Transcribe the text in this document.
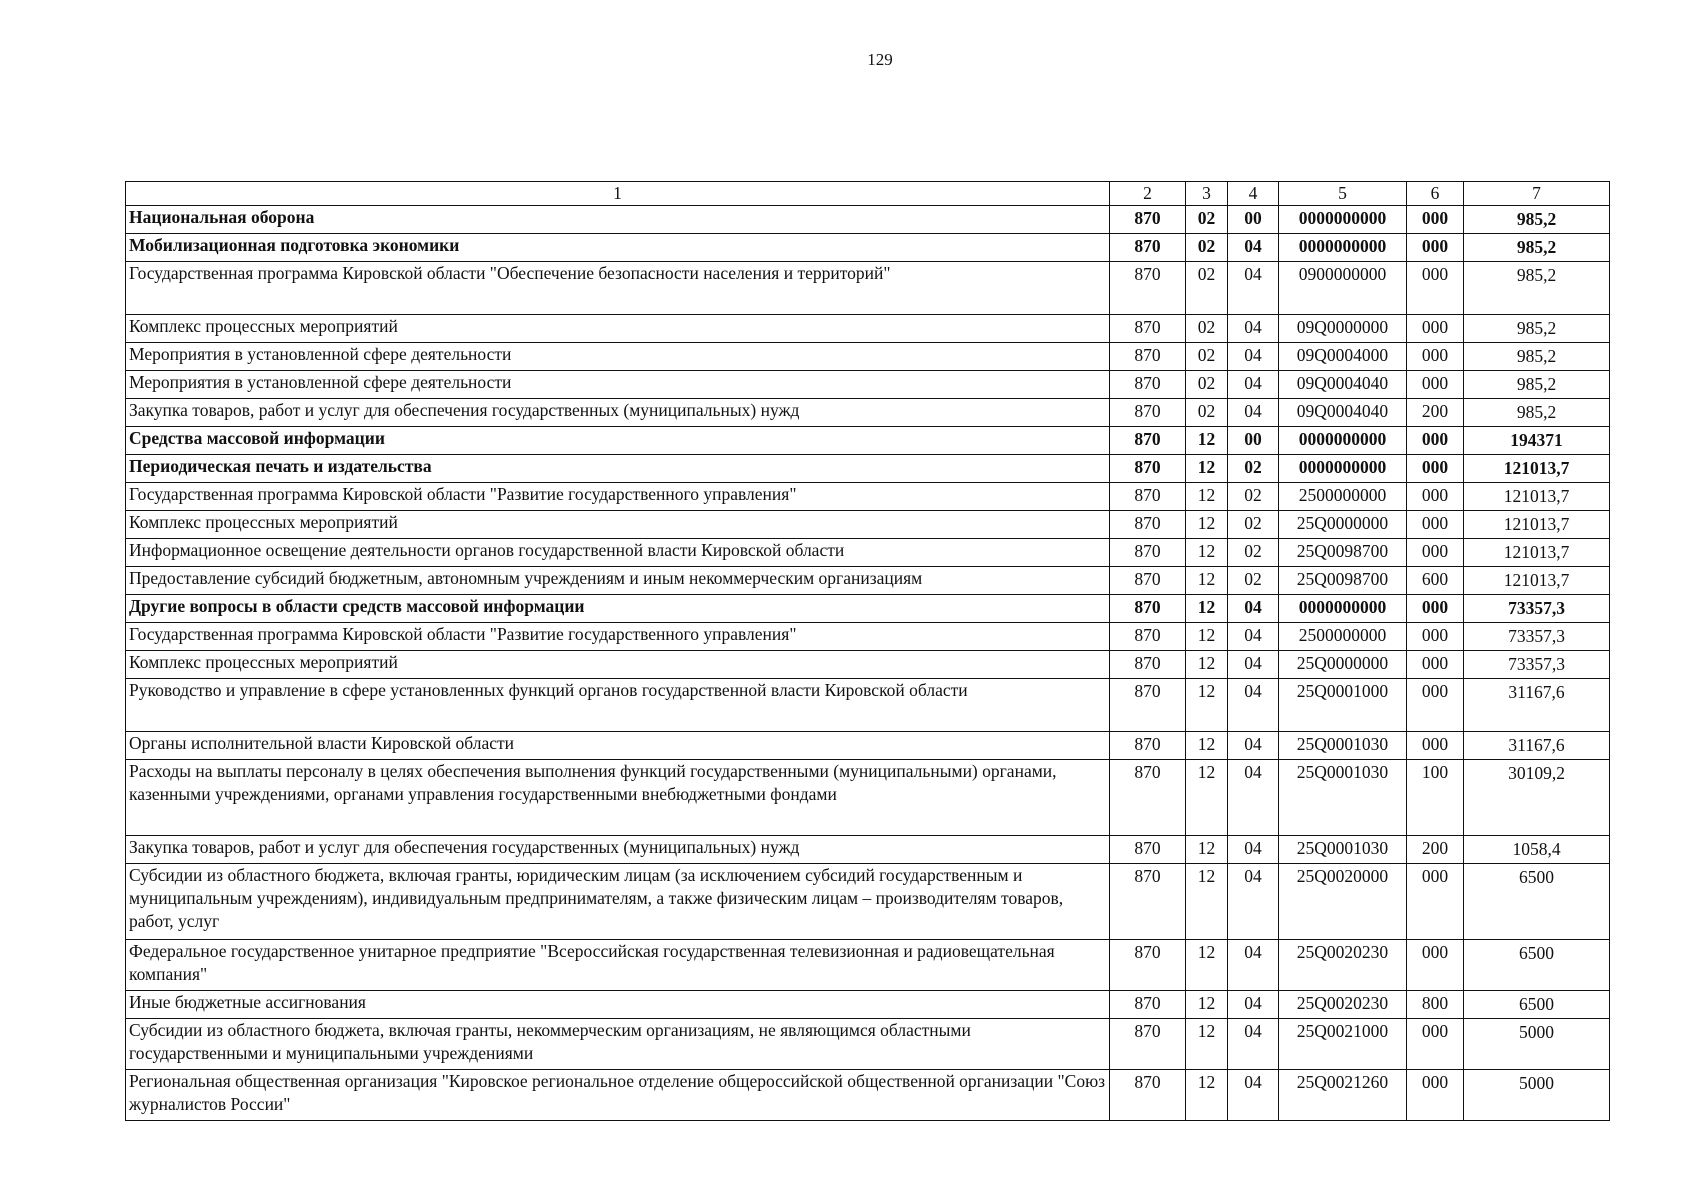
129
1	2	3	4	5	6	7
Национальная оборона	870	02	00	0000000000	000	985,2
Мобилизационная подготовка экономики	870	02	04	0000000000	000	985,2
Государственная программа Кировской области "Обеспечение безопасности населения и территорий"	870	02	04	0900000000	000	985,2
Комплекс процессных мероприятий	870	02	04	09Q0000000	000	985,2
Мероприятия в установленной сфере деятельности	870	02	04	09Q0004000	000	985,2
Мероприятия в установленной сфере деятельности	870	02	04	09Q0004040	000	985,2
Закупка товаров, работ и услуг для обеспечения государственных (муниципальных) нужд	870	02	04	09Q0004040	200	985,2
Средства массовой информации	870	12	00	0000000000	000	194371
Периодическая печать и издательства	870	12	02	0000000000	000	121013,7
Государственная программа Кировской области "Развитие государственного управления"	870	12	02	2500000000	000	121013,7
Комплекс процессных мероприятий	870	12	02	25Q0000000	000	121013,7
Информационное освещение деятельности органов государственной власти Кировской области	870	12	02	25Q0098700	000	121013,7
Предоставление субсидий бюджетным, автономным учреждениям и иным некоммерческим организациям	870	12	02	25Q0098700	600	121013,7
Другие вопросы в области средств массовой информации	870	12	04	0000000000	000	73357,3
Государственная программа Кировской области "Развитие государственного управления"	870	12	04	2500000000	000	73357,3
Комплекс процессных мероприятий	870	12	04	25Q0000000	000	73357,3
Руководство и управление в сфере установленных функций органов государственной власти Кировской области	870	12	04	25Q0001000	000	31167,6
Органы исполнительной власти Кировской области	870	12	04	25Q0001030	000	31167,6
Расходы на выплаты персоналу в целях обеспечения выполнения функций государственными (муниципальными) органами, казенными учреждениями, органами управления государственными внебюджетными фондами	870	12	04	25Q0001030	100	30109,2
Закупка товаров, работ и услуг для обеспечения государственных (муниципальных) нужд	870	12	04	25Q0001030	200	1058,4
Субсидии из областного бюджета, включая гранты, юридическим лицам (за исключением субсидий государственным и муниципальным учреждениям), индивидуальным предпринимателям, а также физическим лицам – производителям товаров, работ, услуг	870	12	04	25Q0020000	000	6500
Федеральное государственное унитарное предприятие "Всероссийская государственная телевизионная и радиовещательная компания"	870	12	04	25Q0020230	000	6500
Иные бюджетные ассигнования	870	12	04	25Q0020230	800	6500
Субсидии из областного бюджета, включая гранты, некоммерческим организациям, не являющимся областными государственными и муниципальными учреждениями	870	12	04	25Q0021000	000	5000
Региональная общественная организация "Кировское региональное отделение общероссийской общественной организации "Союз журналистов России"	870	12	04	25Q0021260	000	5000
